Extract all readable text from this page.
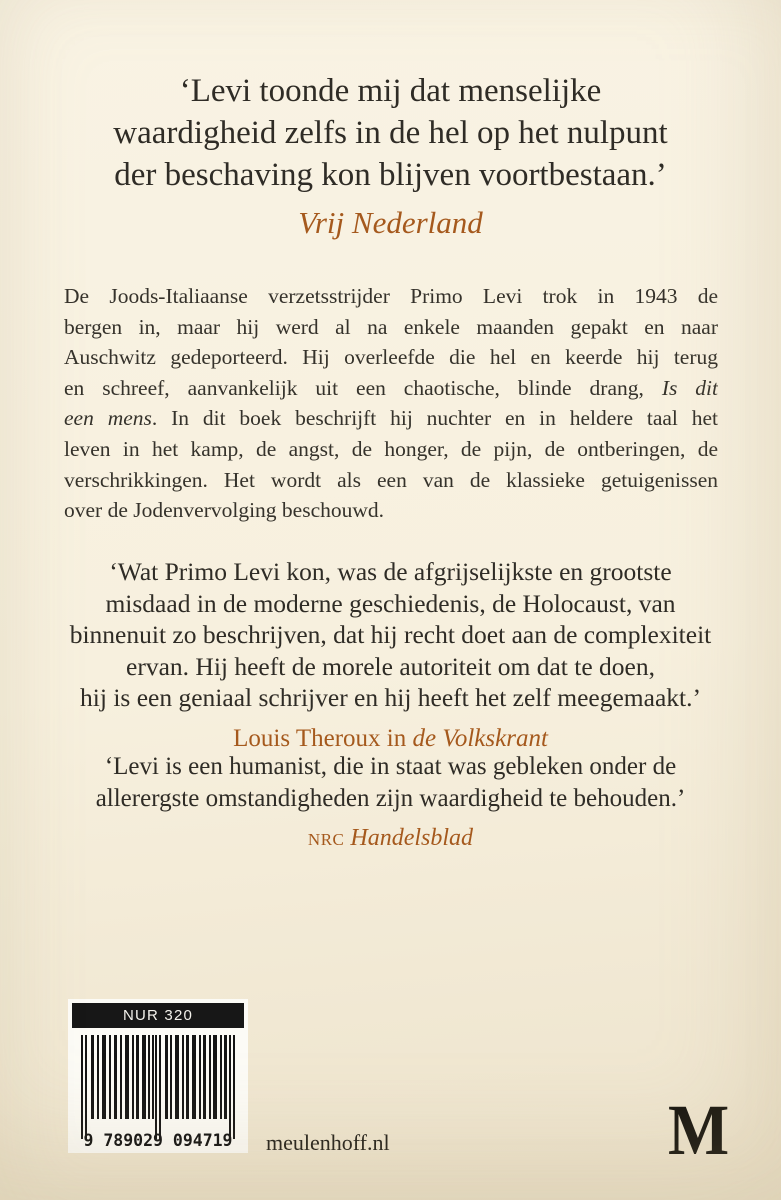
‘Levi toonde mij dat menselijke
waardigheid zelfs in de hel op het nulpunt
der beschaving kon blijven voortbestaan.’
Vrij Nederland
De Joods-Italiaanse verzetsstrijder Primo Levi trok in 1943 de
bergen in, maar hij werd al na enkele maanden gepakt en naar
Auschwitz gedeporteerd. Hij overleefde die hel en keerde hij terug
en schreef, aanvankelijk uit een chaotische, blinde drang, Is dit
een mens. In dit boek beschrijft hij nuchter en in heldere taal het
leven in het kamp, de angst, de honger, de pijn, de ontberingen, de
verschrikkingen. Het wordt als een van de klassieke getuigenissen
over de Jodenvervolging beschouwd.
‘Wat Primo Levi kon, was de afgrijselijkste en grootste
misdaad in de moderne geschiedenis, de Holocaust, van
binnenuit zo beschrijven, dat hij recht doet aan de complexiteit
ervan. Hij heeft de morele autoriteit om dat te doen,
hij is een geniaal schrijver en hij heeft het zelf meegemaakt.’
Louis Theroux in de Volkskrant
‘Levi is een humanist, die in staat was gebleken onder de
allerergste omstandigheden zijn waardigheid te behouden.’
NRC Handelsblad
NUR 320
9 789029 094719	meulenhoff.nl	M
